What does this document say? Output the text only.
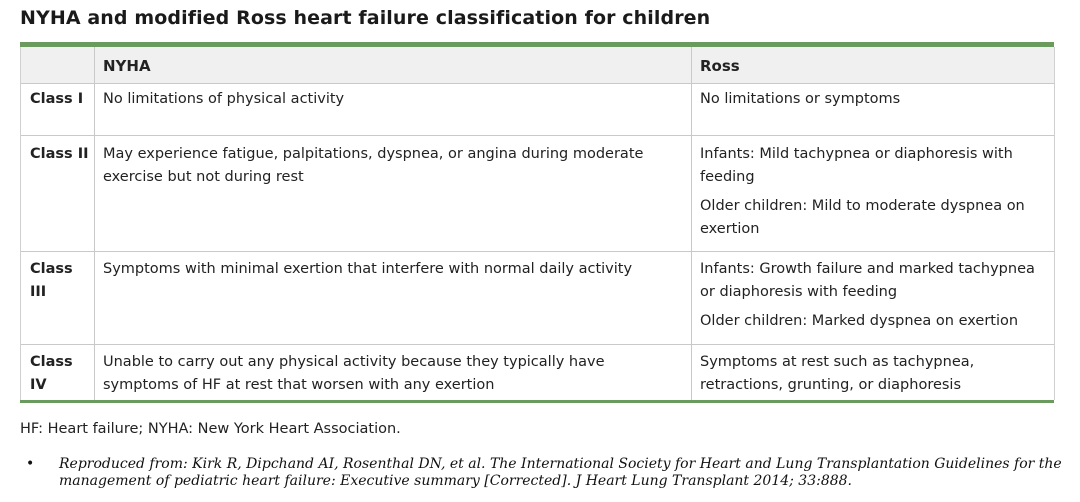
NYHA and modified Ross heart failure classification for children
	NYHA	Ross
Class I	No limitations of physical activity	No limitations or symptoms

Class II	May experience fatigue, palpitations, dyspnea, or angina during moderate exercise but not during rest	Infants: Mild tachypnea or diaphoresis with feeding
Older children: Mild to moderate dyspnea on exertion

Class III	Symptoms with minimal exertion that interfere with normal daily activity	Infants: Growth failure and marked tachypnea or diaphoresis with feeding
Older children: Marked dyspnea on exertion

Class IV	Unable to carry out any physical activity because they typically have symptoms of HF at rest that worsen with any exertion	Symptoms at rest such as tachypnea, retractions, grunting, or diaphoresis
HF: Heart failure; NYHA: New York Heart Association.
• Reproduced from: Kirk R, Dipchand AI, Rosenthal DN, et al. The International Society for Heart and Lung Transplantation Guidelines for the management of pediatric heart failure: Executive summary [Corrected]. J Heart Lung Transplant 2014; 33:888.
